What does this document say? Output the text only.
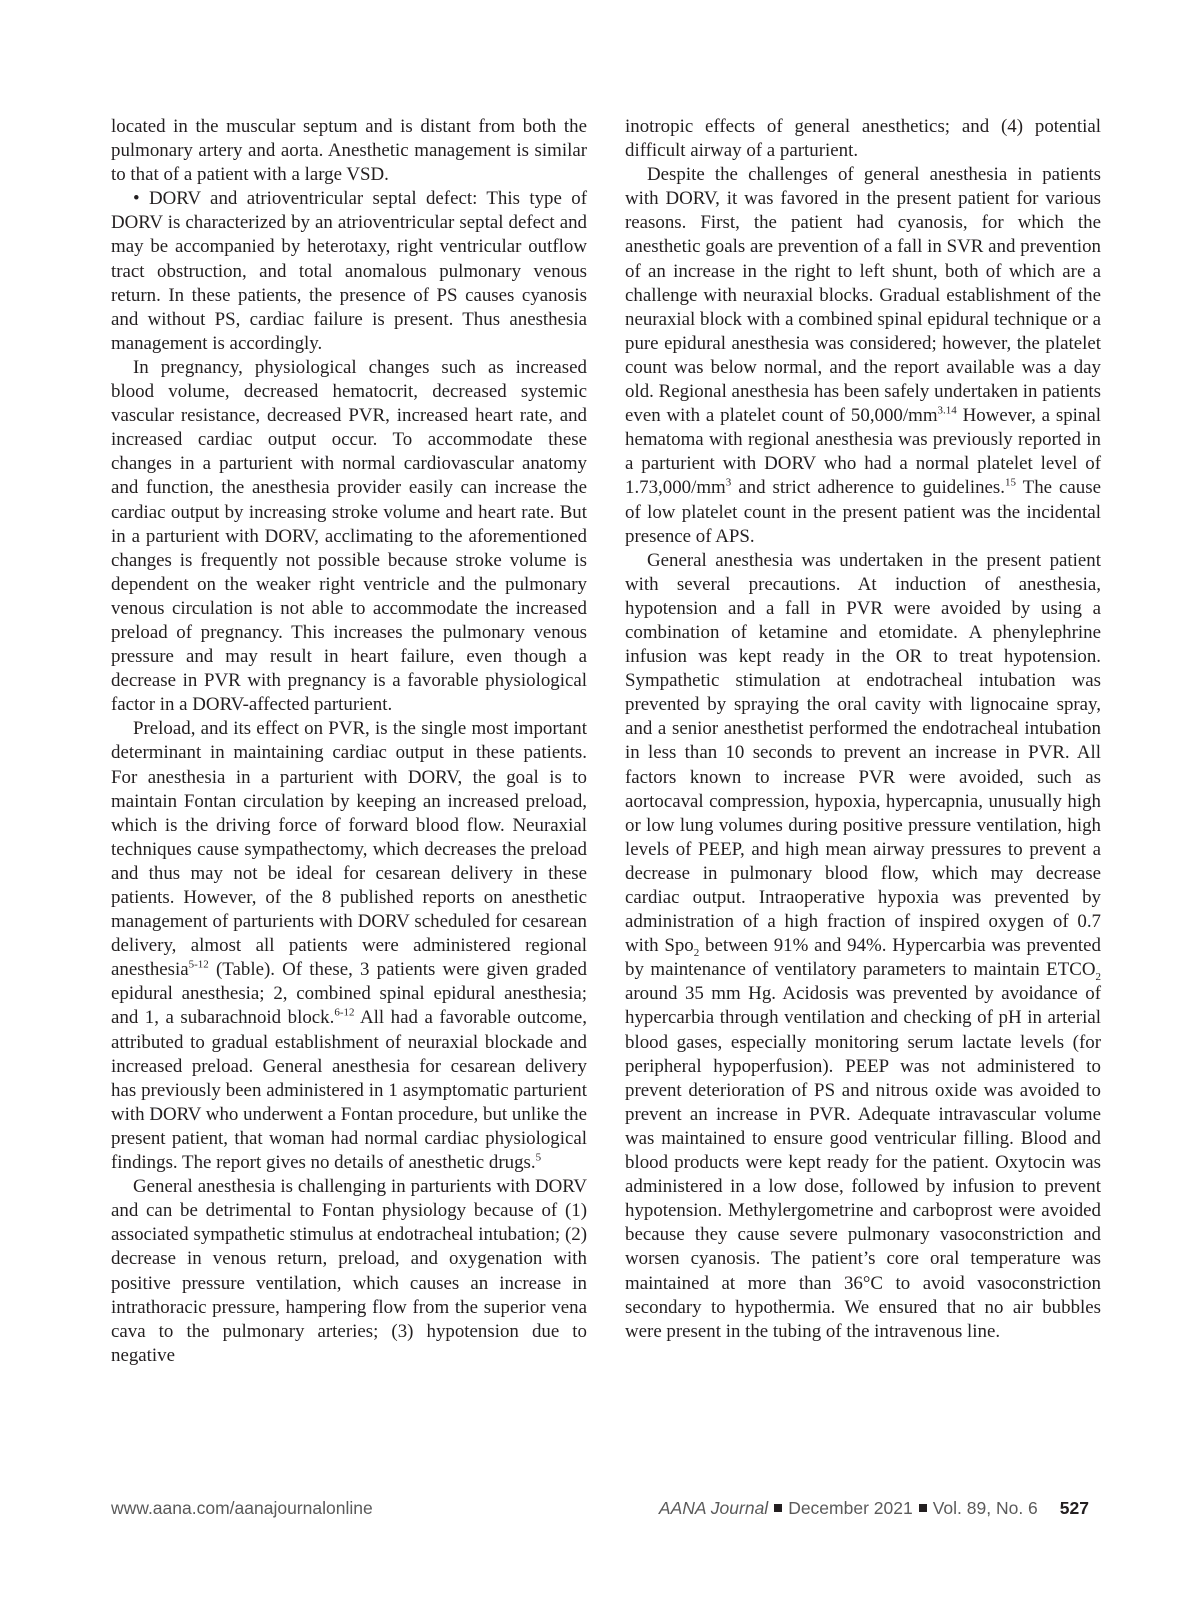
located in the muscular septum and is distant from both the pulmonary artery and aorta. Anesthetic management is similar to that of a patient with a large VSD.

• DORV and atrioventricular septal defect: This type of DORV is characterized by an atrioventricular septal defect and may be accompanied by heterotaxy, right ventricular outflow tract obstruction, and total anomalous pulmonary venous return. In these patients, the presence of PS causes cyanosis and without PS, cardiac failure is present. Thus anesthesia management is accordingly.

In pregnancy, physiological changes such as increased blood volume, decreased hematocrit, decreased systemic vascular resistance, decreased PVR, increased heart rate, and increased cardiac output occur. To accommodate these changes in a parturient with normal cardiovascular anatomy and function, the anesthesia provider easily can increase the cardiac output by increasing stroke volume and heart rate. But in a parturient with DORV, acclimating to the aforementioned changes is frequently not possible because stroke volume is dependent on the weaker right ventricle and the pulmonary venous circulation is not able to accommodate the increased preload of pregnancy. This increases the pulmonary venous pressure and may result in heart failure, even though a decrease in PVR with pregnancy is a favorable physiological factor in a DORV-affected parturient.

Preload, and its effect on PVR, is the single most important determinant in maintaining cardiac output in these patients. For anesthesia in a parturient with DORV, the goal is to maintain Fontan circulation by keeping an increased preload, which is the driving force of forward blood flow. Neuraxial techniques cause sympathectomy, which decreases the preload and thus may not be ideal for cesarean delivery in these patients. However, of the 8 published reports on anesthetic management of parturients with DORV scheduled for cesarean delivery, almost all patients were administered regional anesthesia$^{5-12}$ (Table). Of these, 3 patients were given graded epidural anesthesia; 2, combined spinal epidural anesthesia; and 1, a subarachnoid block.$^{6-12}$ All had a favorable outcome, attributed to gradual establishment of neuraxial blockade and increased preload. General anesthesia for cesarean delivery has previously been administered in 1 asymptomatic parturient with DORV who underwent a Fontan procedure, but unlike the present patient, that woman had normal cardiac physiological findings. The report gives no details of anesthetic drugs.$^5$

General anesthesia is challenging in parturients with DORV and can be detrimental to Fontan physiology because of (1) associated sympathetic stimulus at endotracheal intubation; (2) decrease in venous return, preload, and oxygenation with positive pressure ventilation, which causes an increase in intrathoracic pressure, hampering flow from the superior vena cava to the pulmonary arteries; (3) hypotension due to negative

inotropic effects of general anesthetics; and (4) potential difficult airway of a parturient.

Despite the challenges of general anesthesia in patients with DORV, it was favored in the present patient for various reasons. First, the patient had cyanosis, for which the anesthetic goals are prevention of a fall in SVR and prevention of an increase in the right to left shunt, both of which are a challenge with neuraxial blocks. Gradual establishment of the neuraxial block with a combined spinal epidural technique or a pure epidural anesthesia was considered; however, the platelet count was below normal, and the report available was a day old. Regional anesthesia has been safely undertaken in patients even with a platelet count of $50,000/mm^{3.14}$ However, a spinal hematoma with regional anesthesia was previously reported in a parturient with DORV who had a normal platelet level of $1.73,000/mm^3$ and strict adherence to guidelines.$^{15}$ The cause of low platelet count in the present patient was the incidental presence of APS.

General anesthesia was undertaken in the present patient with several precautions. At induction of anesthesia, hypotension and a fall in PVR were avoided by using a combination of ketamine and etomidate. A phenylephrine infusion was kept ready in the OR to treat hypotension. Sympathetic stimulation at endotracheal intubation was prevented by spraying the oral cavity with lignocaine spray, and a senior anesthetist performed the endotracheal intubation in less than 10 seconds to prevent an increase in PVR. All factors known to increase PVR were avoided, such as aortocaval compression, hypoxia, hypercapnia, unusually high or low lung volumes during positive pressure ventilation, high levels of PEEP, and high mean airway pressures to prevent a decrease in pulmonary blood flow, which may decrease cardiac output. Intraoperative hypoxia was prevented by administration of a high fraction of inspired oxygen of 0.7 with Spo$_2$ between 91% and 94%. Hypercarbia was prevented by maintenance of ventilatory parameters to maintain $ETCO_2$ around 35 mm Hg. Acidosis was prevented by avoidance of hypercarbia through ventilation and checking of pH in arterial blood gases, especially monitoring serum lactate levels (for peripheral hypoperfusion). PEEP was not administered to prevent deterioration of PS and nitrous oxide was avoided to prevent an increase in PVR. Adequate intravascular volume was maintained to ensure good ventricular filling. Blood and blood products were kept ready for the patient. Oxytocin was administered in a low dose, followed by infusion to prevent hypotension. Methylergometrine and carboprost were avoided because they cause severe pulmonary vasoconstriction and worsen cyanosis. The patient’s core oral temperature was maintained at more than 36°C to avoid vasoconstriction secondary to hypothermia. We ensured that no air bubbles were present in the tubing of the intravenous line.

www.aana.com/aanajournalonline	AANA Journal December 2021 Vol. 89, No. 6 527
